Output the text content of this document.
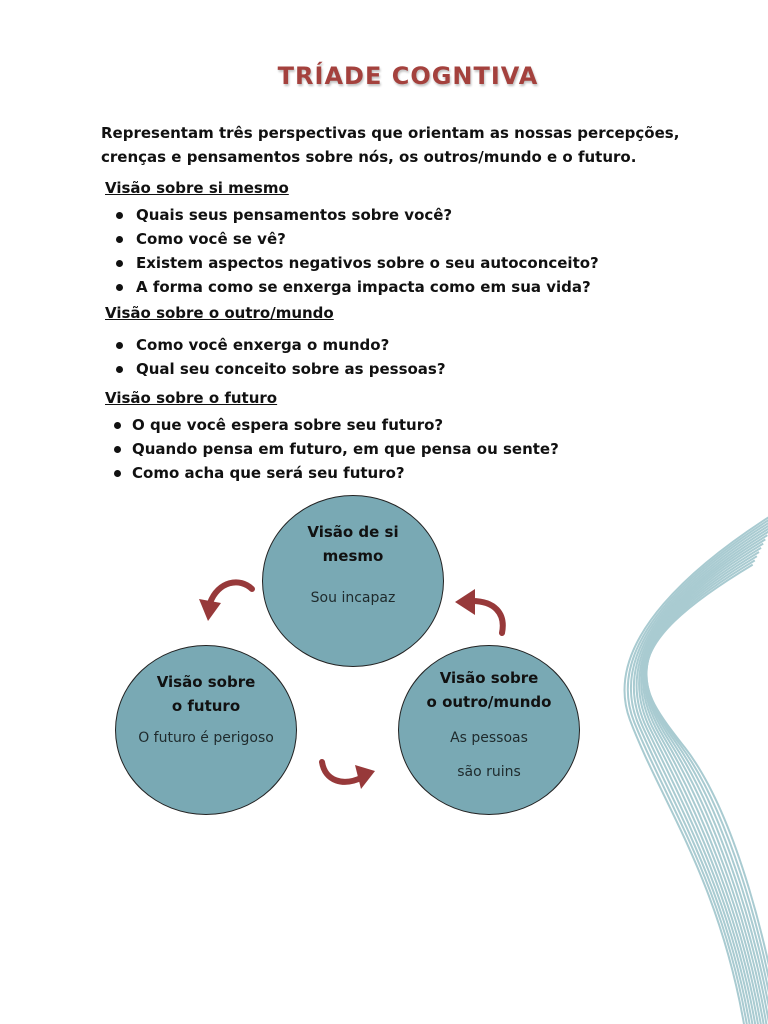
TRÍADE COGNTIVA
Representam três perspectivas que orientam as nossas percepções, crenças e pensamentos sobre nós, os outros/mundo e o futuro.
Visão sobre si mesmo
Quais seus pensamentos sobre você?
Como você se vê?
Existem aspectos negativos sobre o seu autoconceito?
A forma como se enxerga impacta como em sua vida?
Visão sobre o outro/mundo
Como você enxerga o mundo?
Qual seu conceito sobre as pessoas?
Visão sobre o futuro
O que você espera sobre seu futuro?
Quando pensa em futuro, em que pensa ou sente?
Como acha que será seu futuro?
Visão de si
mesmo
Sou incapaz
Visão sobre
o futuro
O futuro é perigoso
Visão sobre
o outro/mundo
As pessoas
são ruins
